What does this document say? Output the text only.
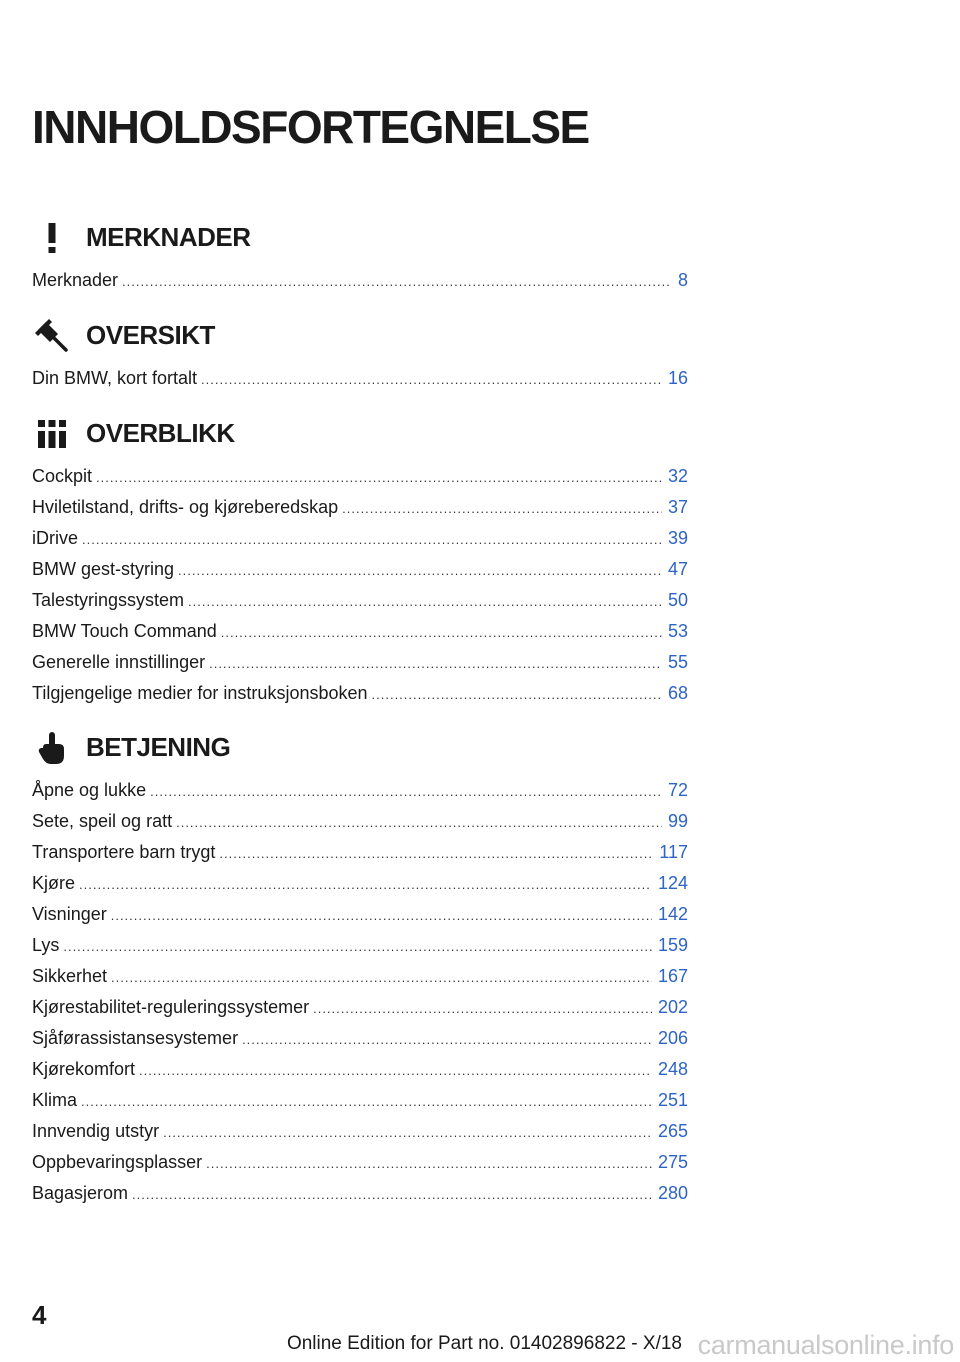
INNHOLDSFORTEGNELSE
MERKNADER
Merknader .....	8
OVERSIKT
Din BMW, kort fortalt .....	16
OVERBLIKK
Cockpit .....	32
Hviletilstand, drifts- og kjøreberedskap .....	37
iDrive .....	39
BMW gest-styring .....	47
Talestyringssystem .....	50
BMW Touch Command .....	53
Generelle innstillinger .....	55
Tilgjengelige medier for instruksjonsboken .....	68
BETJENING
Åpne og lukke .....	72
Sete, speil og ratt .....	99
Transportere barn trygt .....	117
Kjøre .....	124
Visninger .....	142
Lys .....	159
Sikkerhet .....	167
Kjørestabilitet-reguleringssystemer .....	202
Sjåførassistansesystemer .....	206
Kjørekomfort .....	248
Klima .....	251
Innvendig utstyr .....	265
Oppbevaringsplasser .....	275
Bagasjerom .....	280
4
Online Edition for Part no. 01402896822 - X/18 carmanualsonline.info
